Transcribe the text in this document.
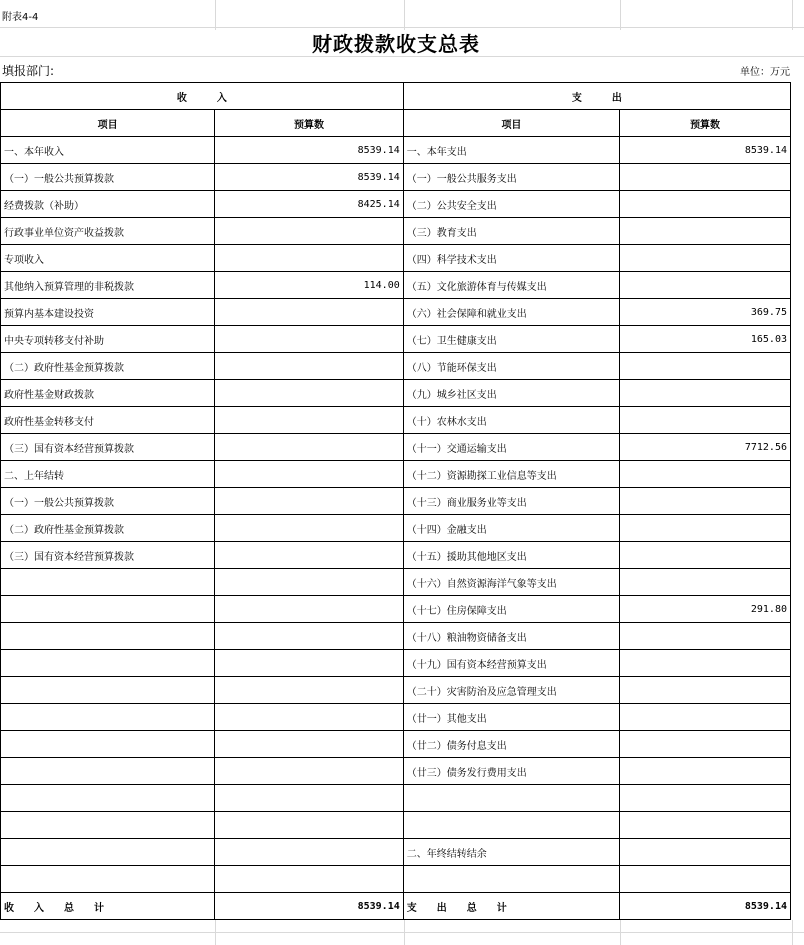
附表4-4
财政拨款收支总表
填报部门:	单位：万元
收　　　入		支　　　出	
项目	预算数	项目	预算数
一、本年收入	8539.14	一、本年支出	8539.14
（一）一般公共预算拨款	8539.14	（一）一般公共服务支出	
经费拨款（补助）	8425.14	（二）公共安全支出	
行政事业单位资产收益拨款		（三）教育支出	
专项收入		（四）科学技术支出	
其他纳入预算管理的非税拨款	114.00	（五）文化旅游体育与传媒支出	
预算内基本建设投资		（六）社会保障和就业支出	369.75
中央专项转移支付补助		（七）卫生健康支出	165.03
（二）政府性基金预算拨款		（八）节能环保支出	
政府性基金财政拨款		（九）城乡社区支出	
政府性基金转移支付		（十）农林水支出	
（三）国有资本经营预算拨款		（十一）交通运输支出	7712.56
二、上年结转		（十二）资源勘探工业信息等支出	
（一）一般公共预算拨款		（十三）商业服务业等支出	
（二）政府性基金预算拨款		（十四）金融支出	
（三）国有资本经营预算拨款		（十五）援助其他地区支出	
		（十六）自然资源海洋气象等支出	
		（十七）住房保障支出	291.80
		（十八）粮油物资储备支出	
		（十九）国有资本经营预算支出	
		（二十）灾害防治及应急管理支出	
		（廿一）其他支出	
		（廿二）债务付息支出	
		（廿三）债务发行费用支出	

		二、年终结转结余	

收　　入　　总　　计	8539.14	支　　出　　总　　计	8539.14
